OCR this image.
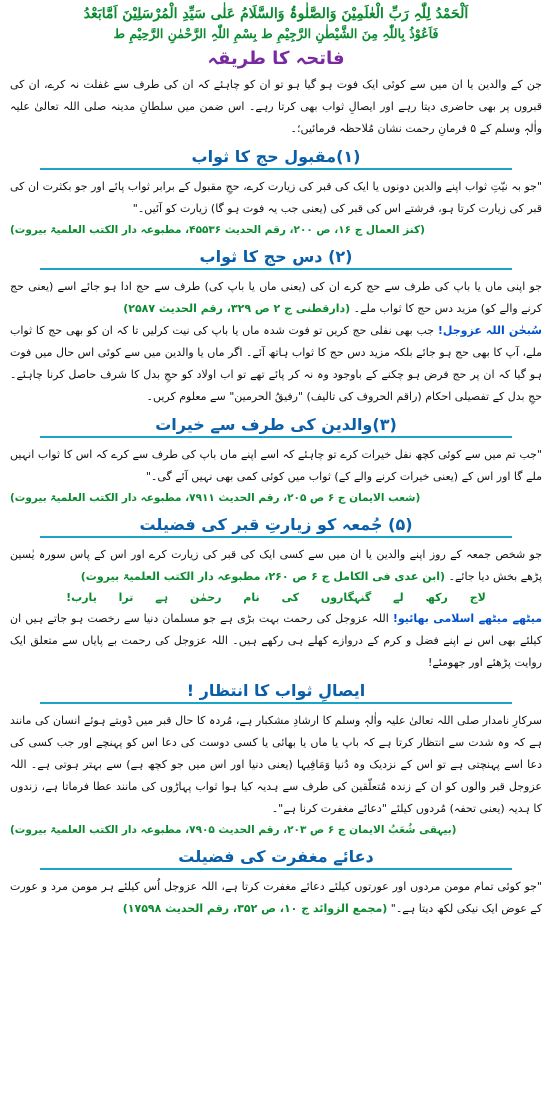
اَلْحَمْدُ لِلّٰہِ رَبِّ الْعٰلَمِیْنَ وَالصَّلٰوۃُ وَالسَّلَامُ عَلٰی سَیِّدِ الْمُرْسَلِیْنَ اَمَّابَعْدُ
فَاَعُوْذُ بِاللّٰہِ مِنَ الشَّیْطٰنِ الرَّجِیْمِ ط بِسْمِ اللّٰہِ الرَّحْمٰنِ الرَّحِیْمِ ط
فاتحہ کا طریقہ

جن کے والدین یا ان میں سے کوئی ایک فوت ہو گیا ہو تو ان کو چاہئے کہ ان کی طرف سے غفلت نہ کرے، ان کی قبروں پر بھی حاضری دیتا رہے اور ایصالِ ثواب بھی کرتا رہے۔ اس ضمن میں سلطانِ مدینہ صلی اللہ تعالیٰ علیہ واٰلہٖ وسلم کے ۵ فرمانِ رحمت نشان مُلاحظہ فرمائیں؛۔

(۱)مقبول حج کا ثواب

"جو بہ نیّتِ ثواب اپنے والدین دونوں یا ایک کی قبر کی زیارت کرے، حجِ مقبول کے برابر ثواب پائے اور جو بکثرت ان کی قبر کی زیارت کرتا ہو، فرشتے اس کی قبر کی (یعنی جب یہ فوت ہو گا) زیارت کو آئیں۔"

(کنز العمال ج ۱۶، ص ۲۰۰، رقم الحدیث ۴۵۵۳۶، مطبوعہ دار الکتب العلمیۃ بیروت)
(۲) دس حج کا ثواب

جو اپنی ماں یا باپ کی طرف سے حج کرے ان کی (یعنی ماں یا باپ کی) طرف سے حج ادا ہو جائے اسے (یعنی حج کرنے والے کو) مزید دس حج کا ثواب ملے۔ (دارقطنی ج ۲ ص ۳۲۹، رقم الحدیث ۲۵۸۷)

سُبحٰن اللہ عزوجل! جب بھی نفلی حج کریں تو فوت شدہ ماں یا باپ کی نیت کرلیں تا کہ ان کو بھی حج کا ثواب ملے، آپ کا بھی حج ہو جائے بلکہ مزید دس حج کا ثواب ہاتھ آئے۔ اگر ماں یا والدین میں سے کوئی اس حال میں فوت ہو گیا کہ ان پر حج فرض ہو چکنے کے باوجود وہ نہ کر پائے تھے تو اب اولاد کو حجِ بدل کا شرف حاصل کرنا چاہئے۔ حجِ بدل کے تفصیلی احکام (راقم الحروف کی تالیف) "رفیقُ الحرمین" سے معلوم کریں۔

(۳)والدین کی طرف سے خیرات

"جب تم میں سے کوئی کچھ نفل خیرات کرے تو چاہئے کہ اسے اپنے ماں باپ کی طرف سے کرے کہ اس کا ثواب انہیں ملے گا اور اس کے (یعنی خیرات کرنے والے کے) ثواب میں کوئی کمی بھی نہیں آئے گی۔"

(شعب الایمان ج ۶ ص ۲۰۵، رقم الحدیث ۷۹۱۱، مطبوعہ دار الکتب العلمیۃ بیروت)
(۵) جُمعہ کو زیارتِ قبر کی فضیلت

جو شخص جمعہ کے روز اپنے والدین یا ان میں سے کسی ایک کی قبر کی زیارت کرے اور اس کے پاس سورہ یٰسین پڑھے بخش دیا جائے۔ (ابن عدی فی الکامل ج ۶ ص ۲۶۰، مطبوعہ دار الکتب العلمیۃ بیروت)

لاج رکھ لے گنہگاروں کی نام رحمٰن ہے ترا یارب!

میٹھے میٹھے اسلامی بھائیو! اللہ عزوجل کی رحمت بہت بڑی ہے جو مسلمان دنیا سے رخصت ہو جاتے ہیں ان کیلئے بھی اس نے اپنے فضل و کرم کے دروازے کھلے ہی رکھے ہیں۔ اللہ عزوجل کی رحمت بے پایاں سے متعلق ایک روایت پڑھئے اور جھومئے!

ایصالِ ثواب کا انتظار !

سرکارِ نامدار صلی اللہ تعالیٰ علیہ واٰلہٖ وسلم کا ارشادِ مشکبار ہے، مُردہ کا حال قبر میں ڈوبتے ہوئے انسان کی مانند ہے کہ وہ شدت سے انتظار کرتا ہے کہ باپ یا ماں یا بھائی یا کسی دوست کی دعا اس کو پہنچے اور جب کسی کی دعا اسے پہنچتی ہے تو اس کے نزدیک وہ دُنیا وَمَافِیہا (یعنی دنیا اور اس میں جو کچھ ہے) سے بہتر ہوتی ہے۔ اللہ عزوجل قبر والوں کو ان کے زندہ مُتعلّقین کی طرف سے ہدیہ کیا ہوا ثواب پہاڑوں کی مانند عطا فرماتا ہے، زندوں کا ہدیہ (یعنی تحفہ) مُردوں کیلئے "دعائے مغفرت کرنا ہے"۔

(بیہقی شُعَبُ الایمان ج ۶ ص ۲۰۳، رقم الحدیث ۷۹۰۵، مطبوعہ دار الکتب العلمیۃ بیروت)
دعائے مغفرت کی فضیلت

"جو کوئی تمام مومن مردوں اور عورتوں کیلئے دعائے مغفرت کرتا ہے، اللہ عزوجل اُس کیلئے ہر مومن مرد و عورت کے عوض ایک نیکی لکھ دیتا ہے۔" (مجمع الزوائد ج ۱۰، ص ۳۵۲، رقم الحدیث ۱۷۵۹۸)
